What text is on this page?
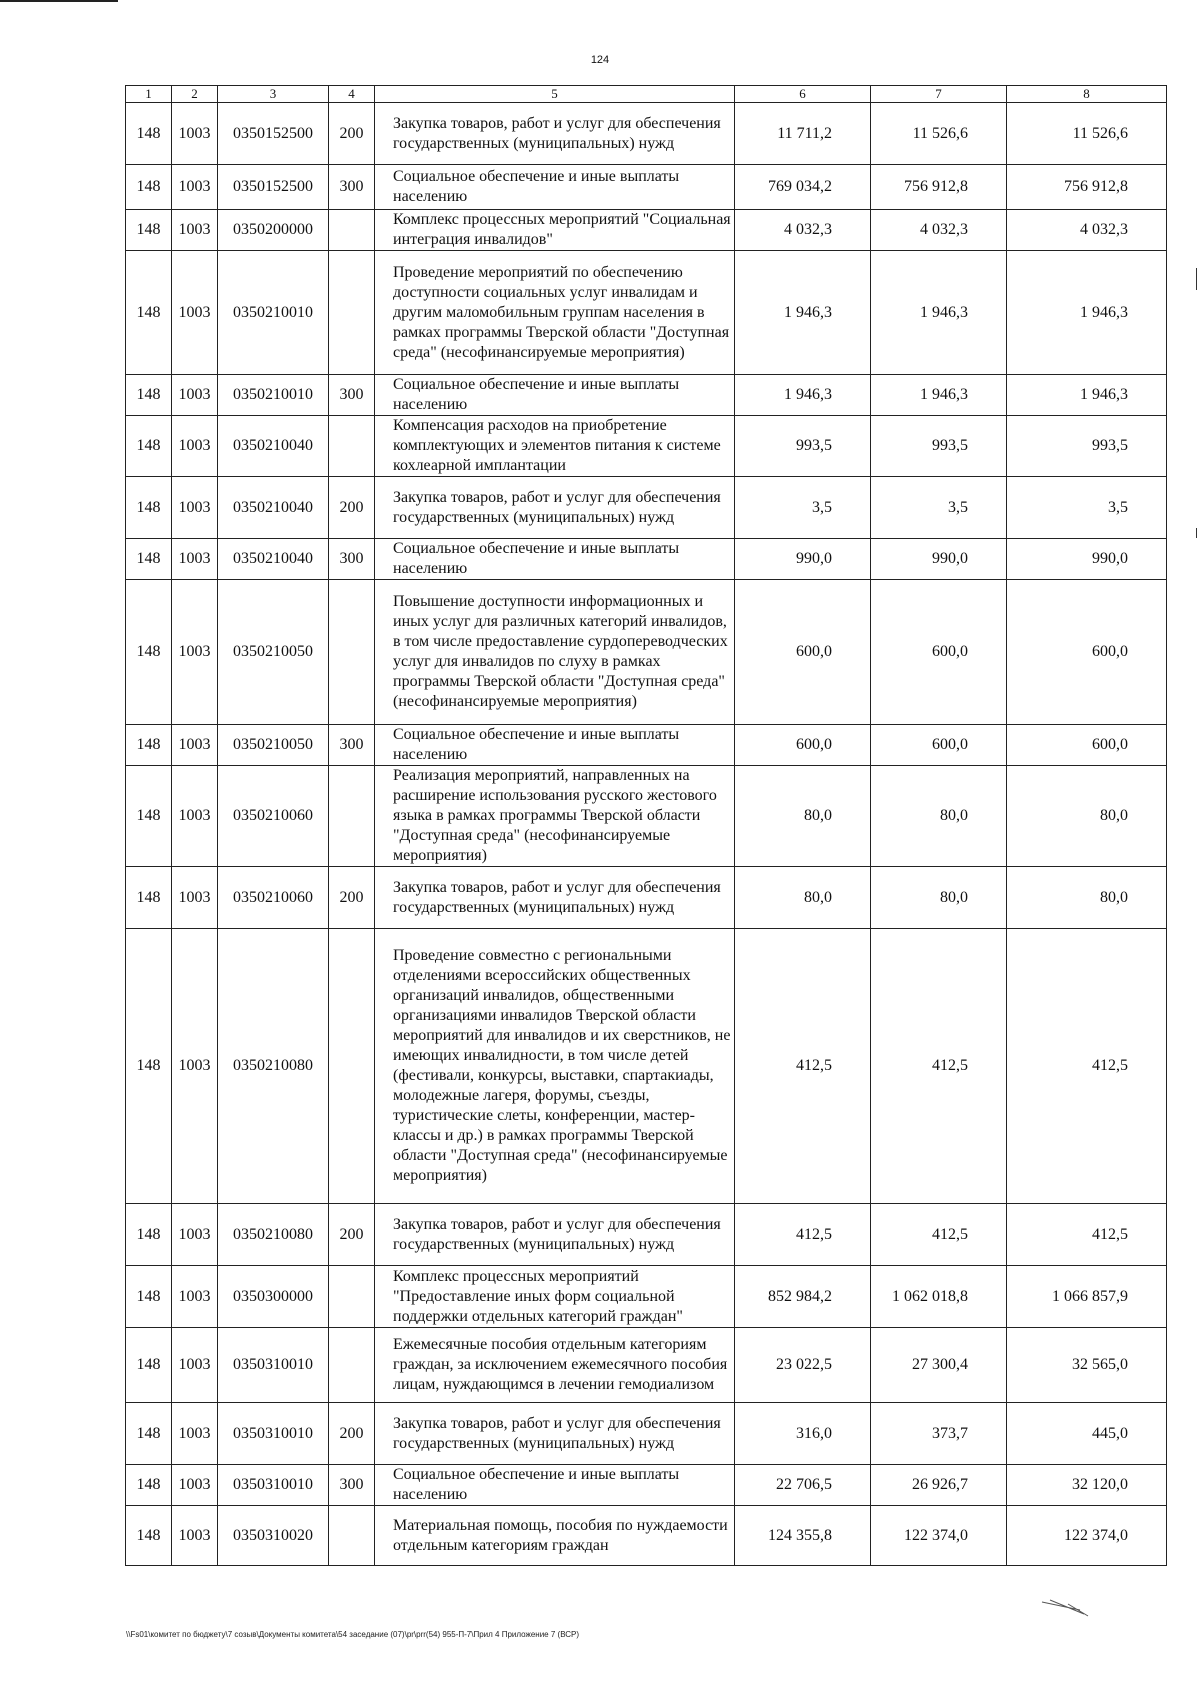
124
1	2	3	4	5	6	7	8
148	1003	0350152500	200	Закупка товаров, работ и услуг для обеспечения государственных (муниципальных) нужд	11 711,2	11 526,6	11 526,6
148	1003	0350152500	300	Социальное обеспечение и иные выплаты населению	769 034,2	756 912,8	756 912,8
148	1003	0350200000		Комплекс процессных мероприятий "Социальная интеграция инвалидов"	4 032,3	4 032,3	4 032,3
148	1003	0350210010		Проведение мероприятий по обеспечению доступности социальных услуг инвалидам и другим маломобильным группам населения в рамках программы Тверской области "Доступная среда" (несофинансируемые мероприятия)	1 946,3	1 946,3	1 946,3
148	1003	0350210010	300	Социальное обеспечение и иные выплаты населению	1 946,3	1 946,3	1 946,3
148	1003	0350210040		Компенсация расходов на приобретение комплектующих и элементов питания к системе кохлеарной имплантации	993,5	993,5	993,5
148	1003	0350210040	200	Закупка товаров, работ и услуг для обеспечения государственных (муниципальных) нужд	3,5	3,5	3,5
148	1003	0350210040	300	Социальное обеспечение и иные выплаты населению	990,0	990,0	990,0
148	1003	0350210050		Повышение доступности информационных и иных услуг для различных категорий инвалидов, в том числе предоставление сурдопереводческих услуг для инвалидов по слуху в рамках программы Тверской области "Доступная среда" (несофинансируемые мероприятия)	600,0	600,0	600,0
148	1003	0350210050	300	Социальное обеспечение и иные выплаты населению	600,0	600,0	600,0
148	1003	0350210060		Реализация мероприятий, направленных на расширение использования русского жестового языка в рамках программы Тверской области "Доступная среда" (несофинансируемые мероприятия)	80,0	80,0	80,0
148	1003	0350210060	200	Закупка товаров, работ и услуг для обеспечения государственных (муниципальных) нужд	80,0	80,0	80,0
148	1003	0350210080		Проведение совместно с региональными отделениями всероссийских общественных организаций инвалидов, общественными организациями инвалидов Тверской области мероприятий для инвалидов и их сверстников, не имеющих инвалидности, в том числе детей (фестивали, конкурсы, выставки, спартакиады, молодежные лагеря, форумы, съезды, туристические слеты, конференции, мастер-классы и др.) в рамках программы Тверской области "Доступная среда" (несофинансируемые мероприятия)	412,5	412,5	412,5
148	1003	0350210080	200	Закупка товаров, работ и услуг для обеспечения государственных (муниципальных) нужд	412,5	412,5	412,5
148	1003	0350300000		Комплекс процессных мероприятий "Предоставление иных форм социальной поддержки отдельных категорий граждан"	852 984,2	1 062 018,8	1 066 857,9
148	1003	0350310010		Ежемесячные пособия отдельным категориям граждан, за исключением ежемесячного пособия лицам, нуждающимся в лечении гемодиализом	23 022,5	27 300,4	32 565,0
148	1003	0350310010	200	Закупка товаров, работ и услуг для обеспечения государственных (муниципальных) нужд	316,0	373,7	445,0
148	1003	0350310010	300	Социальное обеспечение и иные выплаты населению	22 706,5	26 926,7	32 120,0
148	1003	0350310020		Материальная помощь, пособия по нуждаемости отдельным категориям граждан	124 355,8	122 374,0	122 374,0
\\Fs01\комитет по бюджету\7 созыв\Документы комитета\54 заседание (07)\pr\prr(54) 955-П-7\Прил 4 Приложение 7 (ВСР)
